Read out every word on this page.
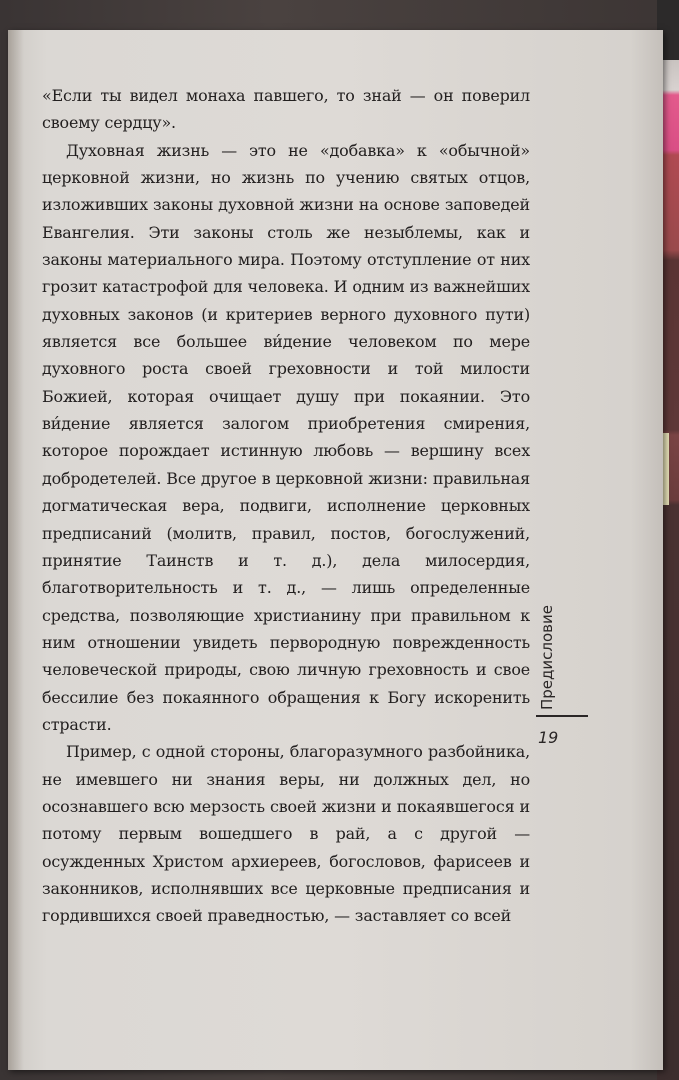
«Если ты видел монаха павшего, то знай — он поверил своему сердцу».

Духовная жизнь — это не «добавка» к «обычной» церковной жизни, но жизнь по учению святых отцов, изложивших законы духовной жизни на основе заповедей Евангелия. Эти законы столь же незыблемы, как и законы материального мира. Поэтому отступление от них грозит катастрофой для человека. И одним из важнейших духовных законов (и критериев верного духовного пути) является все большее ви́дение человеком по мере духовного роста своей греховности и той милости Божией, которая очищает душу при покаянии. Это ви́дение является залогом приобретения смирения, которое порождает истинную любовь — вершину всех добродетелей. Все другое в церковной жизни: правильная догматическая вера, подвиги, исполнение церковных предписаний (молитв, правил, постов, богослужений, принятие Таинств и т. д.), дела милосердия, благотворительность и т. д., — лишь определенные средства, позволяющие христианину при правильном к ним отношении увидеть первородную поврежденность человеческой природы, свою личную греховность и свое бессилие без покаянного обращения к Богу искоренить страсти.

Пример, с одной стороны, благоразумного разбойника, не имевшего ни знания веры, ни должных дел, но осознавшего всю мерзость своей жизни и покаявшегося и потому первым вошедшего в рай, а с другой — осужденных Христом архиереев, богословов, фарисеев и законников, исполнявших все церковные предписания и гордившихся своей праведностью, — заставляет со всей

Предисловие
19
